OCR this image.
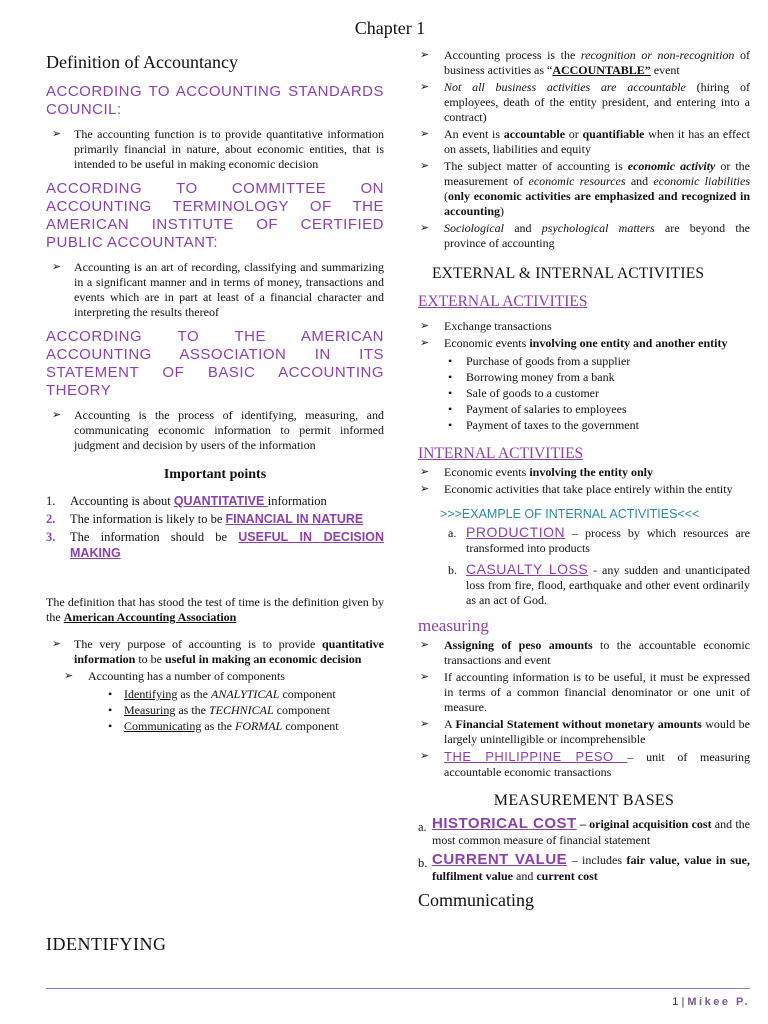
Chapter 1
Definition of Accountancy
ACCORDING TO ACCOUNTING STANDARDS COUNCIL:
➢ The accounting function is to provide quantitative information primarily financial in nature, about economic entities, that is intended to be useful in making economic decision
ACCORDING TO COMMITTEE ON ACCOUNTING TERMINOLOGY OF THE AMERICAN INSTITUTE OF CERTIFIED PUBLIC ACCOUNTANT:
➢ Accounting is an art of recording, classifying and summarizing in a significant manner and in terms of money, transactions and events which are in part at least of a financial character and interpreting the results thereof
ACCORDING TO THE AMERICAN ACCOUNTING ASSOCIATION IN ITS STATEMENT OF BASIC ACCOUNTING THEORY
➢ Accounting is the process of identifying, measuring, and communicating economic information to permit informed judgment and decision by users of the information
Important points
1. Accounting is about QUANTITATIVE information
2. The information is likely to be FINANCIAL IN NATURE
3. The information should be USEFUL IN DECISION MAKING

The definition that has stood the test of time is the definition given by the American Accounting Association

➢ The very purpose of accounting is to provide quantitative information to be useful in making an economic decision
➢ Accounting has a number of components
• Identifying as the ANALYTICAL component
• Measuring as the TECHNICAL component
• Communicating as the FORMAL component
IDENTIFYING
➢ Accounting process is the recognition or non-recognition of business activities as “ACCOUNTABLE” event
➢ Not all business activities are accountable (hiring of employees, death of the entity president, and entering into a contract)
➢ An event is accountable or quantifiable when it has an effect on assets, liabilities and equity
➢ The subject matter of accounting is economic activity or the measurement of economic resources and economic liabilities (only economic activities are emphasized and recognized in accounting)
➢ Sociological and psychological matters are beyond the province of accounting
EXTERNAL & INTERNAL ACTIVITIES
EXTERNAL ACTIVITIES
➢ Exchange transactions
➢ Economic events involving one entity and another entity
• Purchase of goods from a supplier
• Borrowing money from a bank
• Sale of goods to a customer
• Payment of salaries to employees
• Payment of taxes to the government
INTERNAL ACTIVITIES
➢ Economic events involving the entity only
➢ Economic activities that take place entirely within the entity
>>>EXAMPLE OF INTERNAL ACTIVITIES<<<
a. PRODUCTION – process by which resources are transformed into products
b. CASUALTY LOSS - any sudden and unanticipated loss from fire, flood, earthquake and other event ordinarily as an act of God.
measuring
➢ Assigning of peso amounts to the accountable economic transactions and event
➢ If accounting information is to be useful, it must be expressed in terms of a common financial denominator or one unit of measure.
➢ A Financial Statement without monetary amounts would be largely unintelligible or incomprehensible
➢ THE PHILIPPINE PESO – unit of measuring accountable economic transactions
MEASUREMENT BASES
a. HISTORICAL COST – original acquisition cost and the most common measure of financial statement
b. CURRENT VALUE – includes fair value, value in sue, fulfilment value and current cost
Communicating
1 | Mikee P.
